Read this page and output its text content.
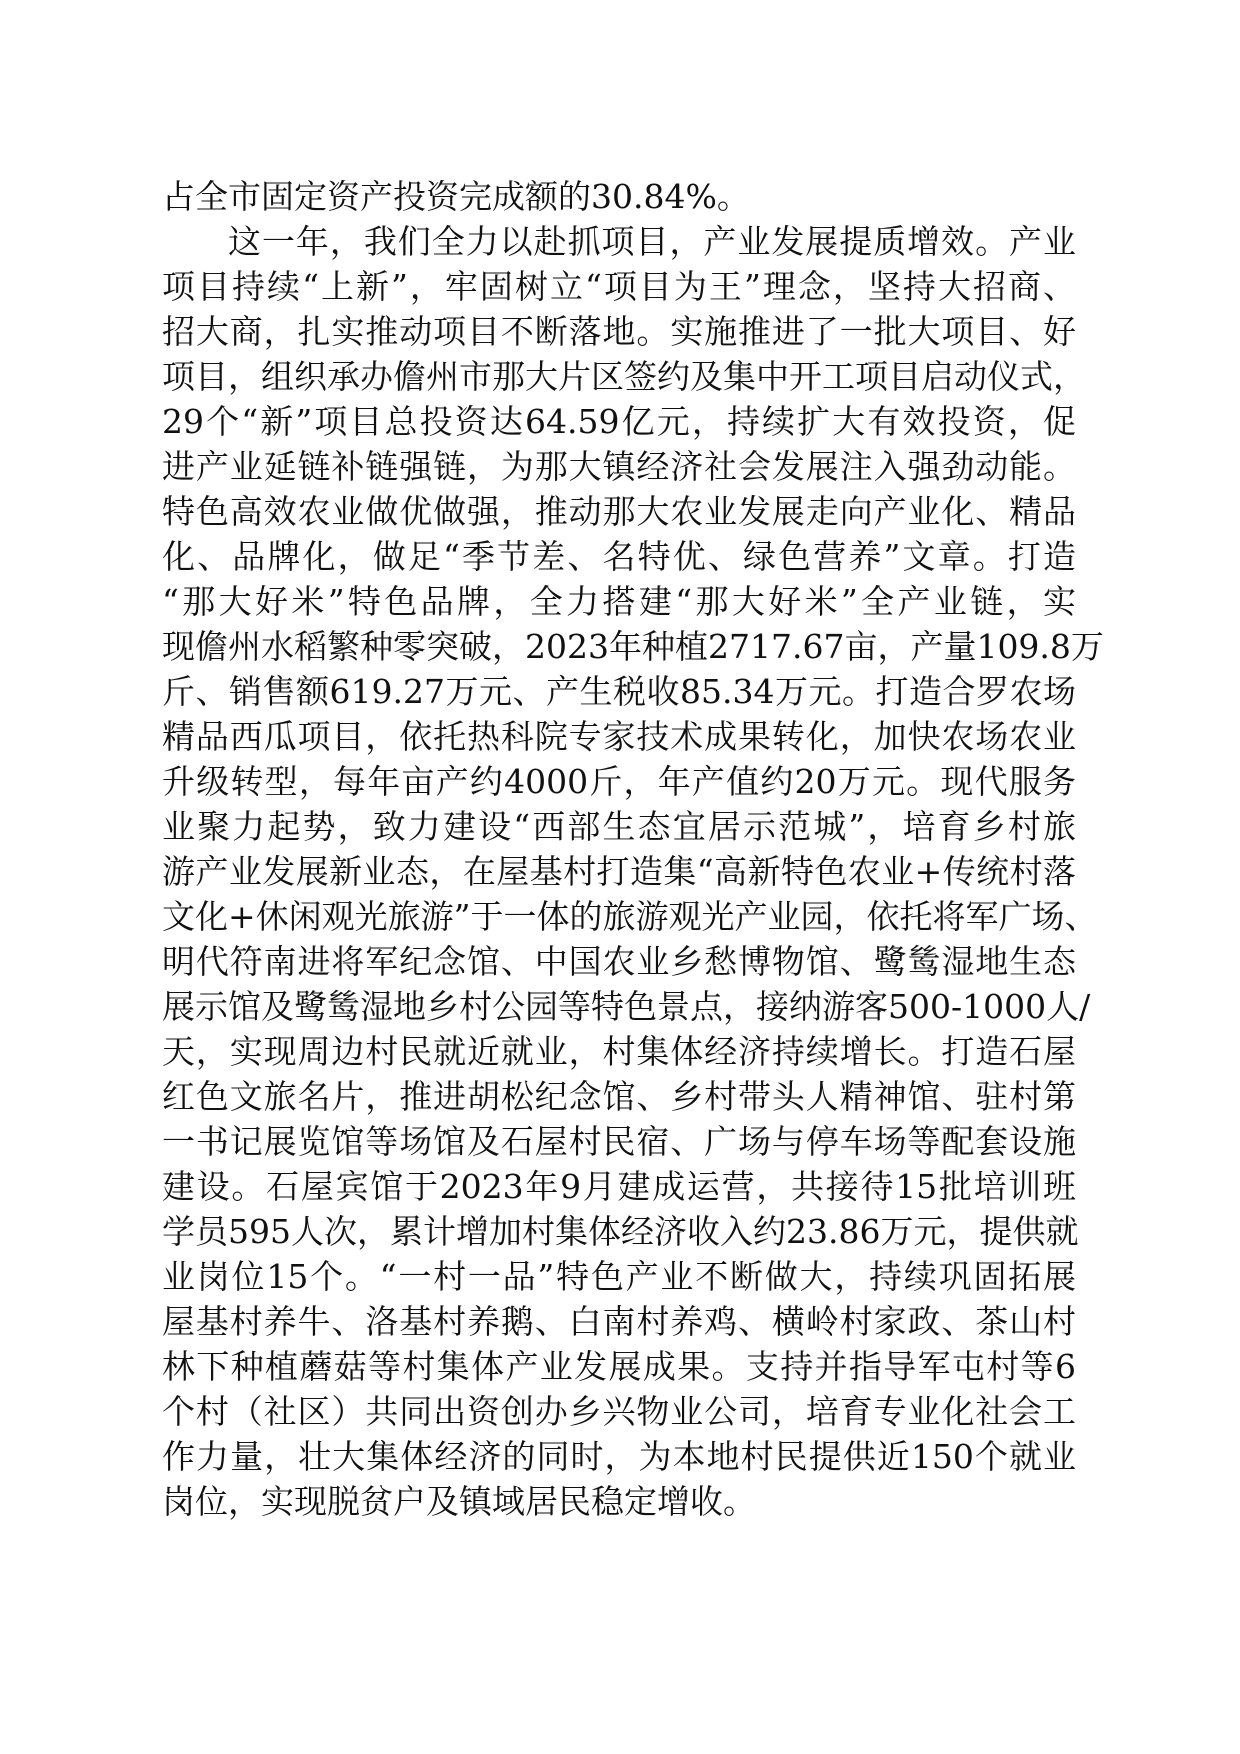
占全市固定资产投资完成额的30.84%。
这一年，我们全力以赴抓项目，产业发展提质增效。产业
项目持续“上新”，牢固树立“项目为王”理念，坚持大招商、
招大商，扎实推动项目不断落地。实施推进了一批大项目、好
项目，组织承办儋州市那大片区签约及集中开工项目启动仪式，
29个“新”项目总投资达64.59亿元，持续扩大有效投资，促
进产业延链补链强链，为那大镇经济社会发展注入强劲动能。
特色高效农业做优做强，推动那大农业发展走向产业化、精品
化、品牌化，做足“季节差、名特优、绿色营养”文章。打造
“那大好米”特色品牌，全力搭建“那大好米”全产业链，实
现儋州水稻繁种零突破，2023年种植2717.67亩，产量109.8万
斤、销售额619.27万元、产生税收85.34万元。打造合罗农场
精品西瓜项目，依托热科院专家技术成果转化，加快农场农业
升级转型，每年亩产约4000斤，年产值约20万元。现代服务
业聚力起势，致力建设“西部生态宜居示范城”，培育乡村旅
游产业发展新业态，在屋基村打造集“高新特色农业+传统村落
文化+休闲观光旅游”于一体的旅游观光产业园，依托将军广场、
明代符南进将军纪念馆、中国农业乡愁博物馆、鹭鸶湿地生态
展示馆及鹭鸶湿地乡村公园等特色景点，接纳游客500-1000人/
天，实现周边村民就近就业，村集体经济持续增长。打造石屋
红色文旅名片，推进胡松纪念馆、乡村带头人精神馆、驻村第
一书记展览馆等场馆及石屋村民宿、广场与停车场等配套设施
建设。石屋宾馆于2023年9月建成运营，共接待15批培训班
学员595人次，累计增加村集体经济收入约23.86万元，提供就
业岗位15个。“一村一品”特色产业不断做大，持续巩固拓展
屋基村养牛、洛基村养鹅、白南村养鸡、横岭村家政、茶山村
林下种植蘑菇等村集体产业发展成果。支持并指导军屯村等6
个村（社区）共同出资创办乡兴物业公司，培育专业化社会工
作力量，壮大集体经济的同时，为本地村民提供近150个就业
岗位，实现脱贫户及镇域居民稳定增收。
